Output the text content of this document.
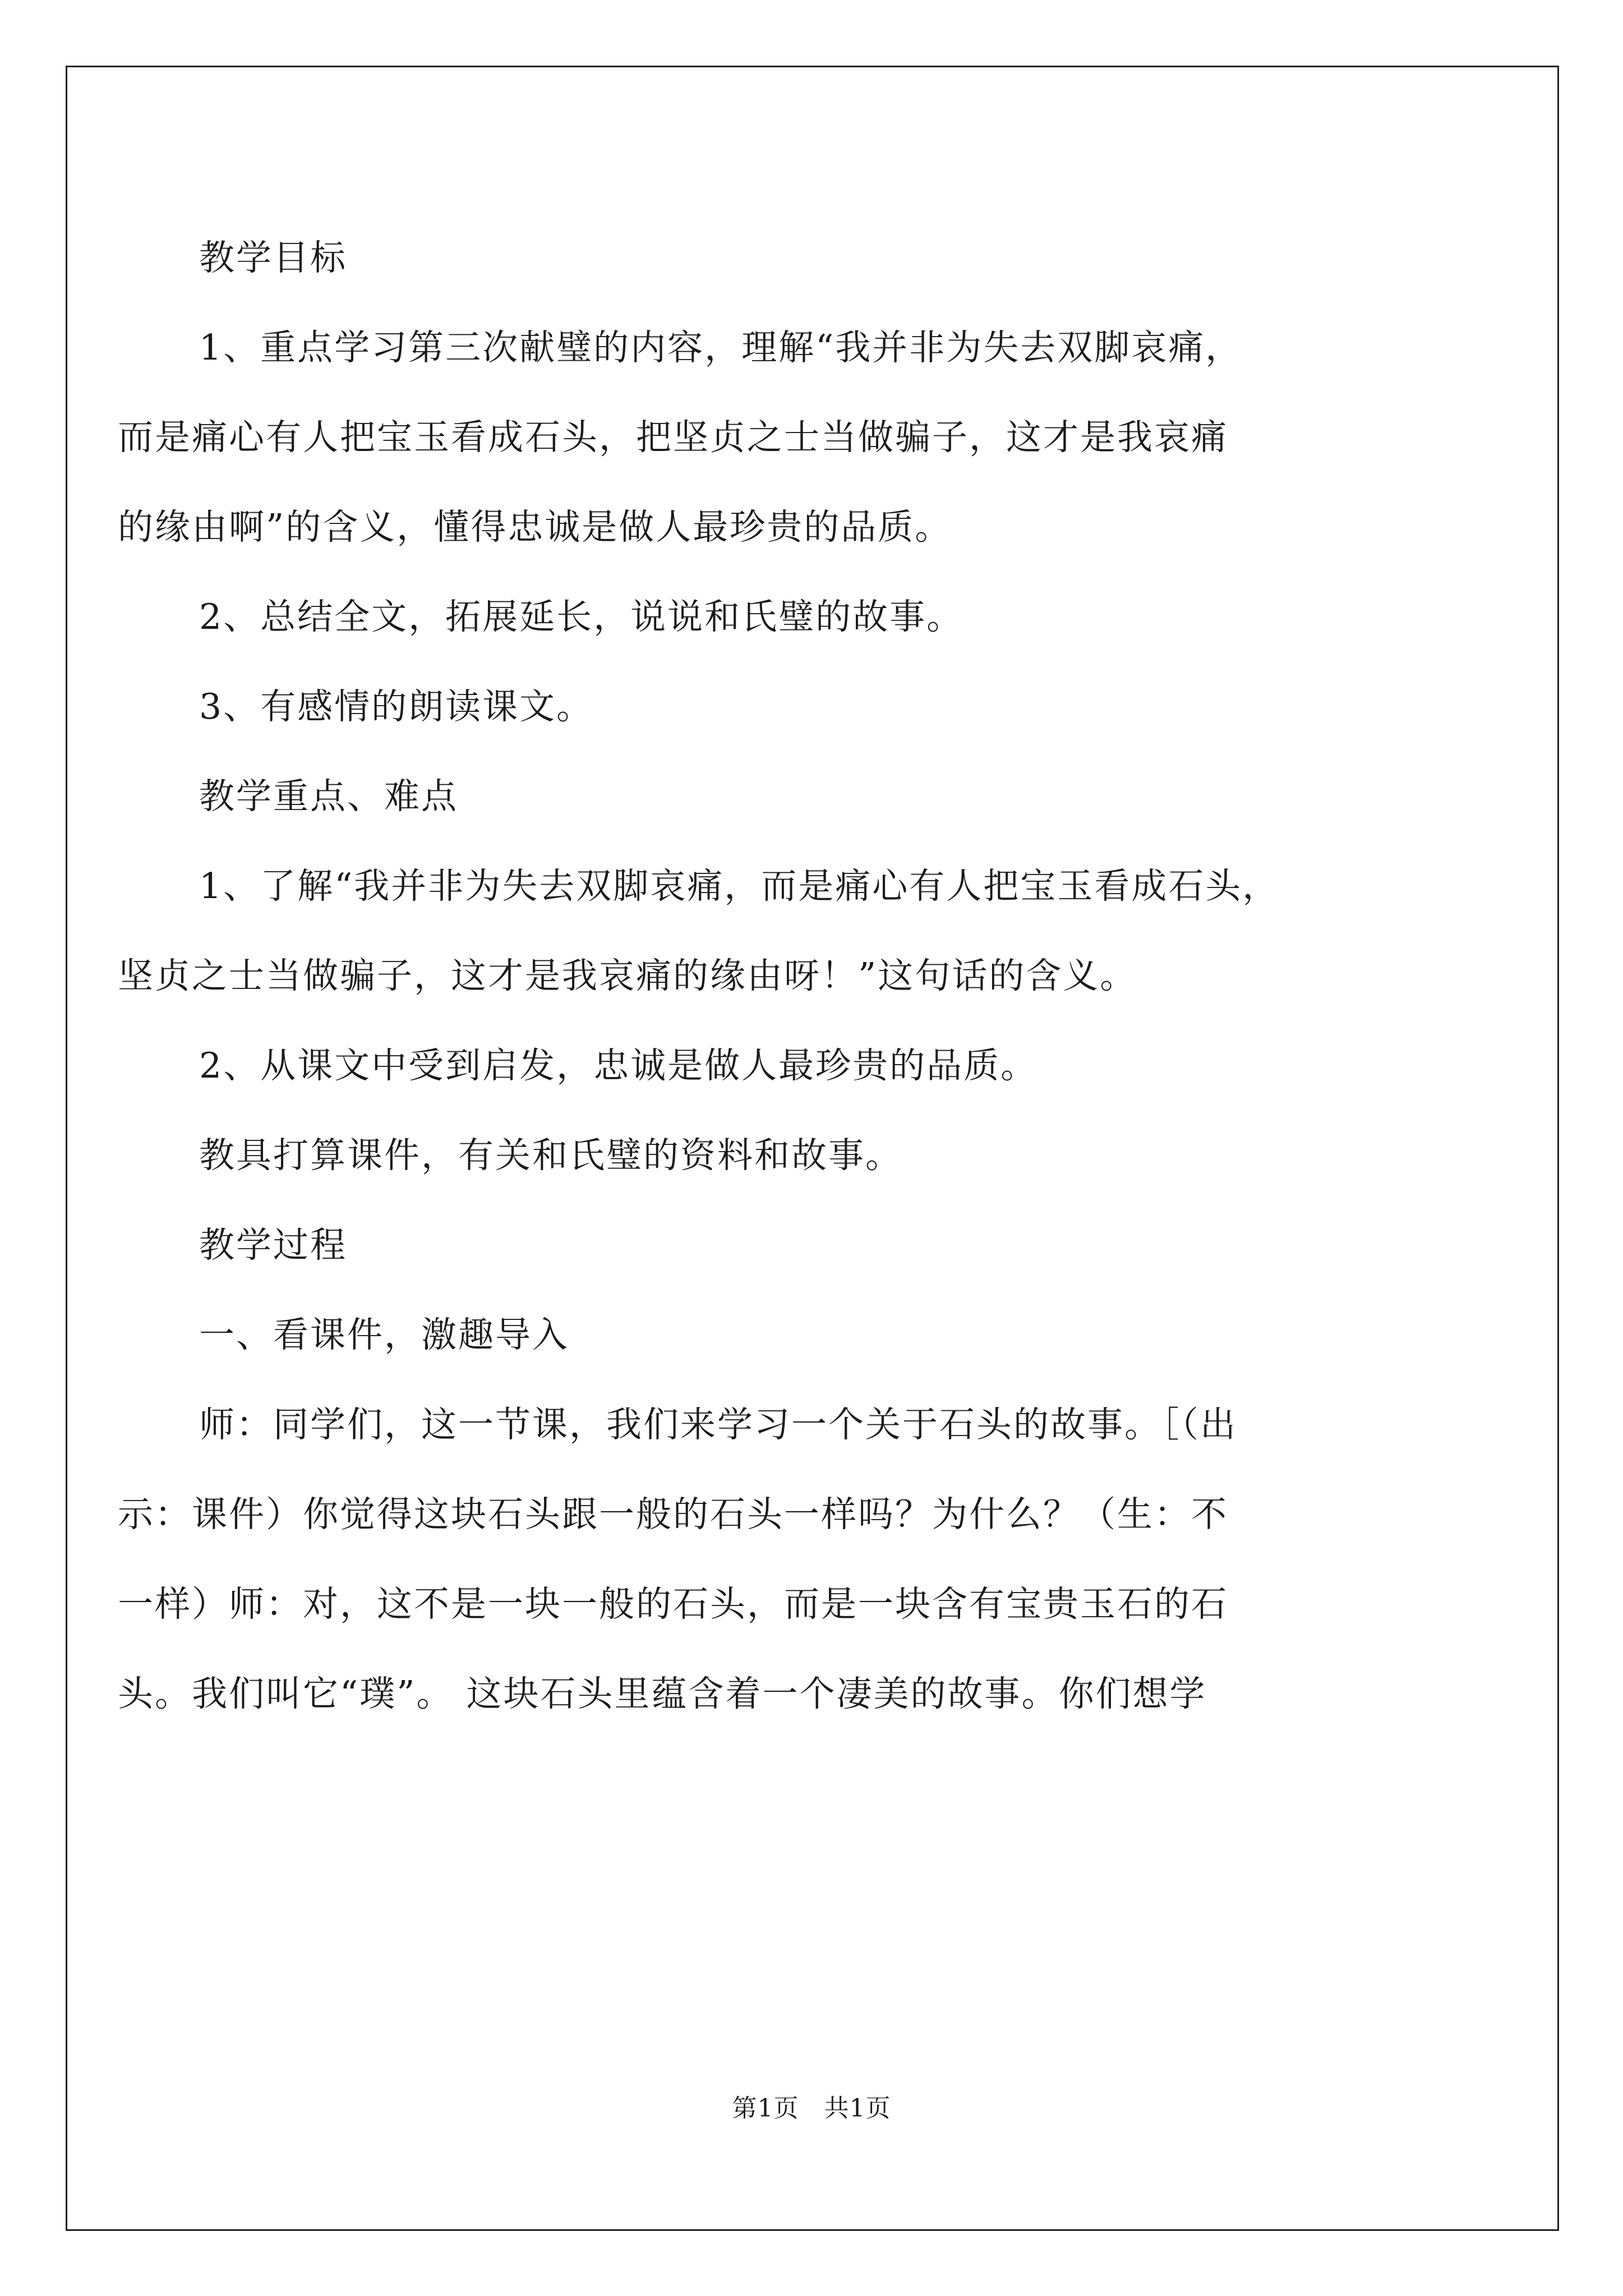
教学目标
1、重点学习第三次献璧的内容，理解“我并非为失去双脚哀痛，
而是痛心有人把宝玉看成石头，把坚贞之士当做骗子，这才是我哀痛
的缘由啊”的含义，懂得忠诚是做人最珍贵的品质。
2、总结全文，拓展延长，说说和氏璧的故事。
3、有感情的朗读课文。
教学重点、难点
1、了解“我并非为失去双脚哀痛，而是痛心有人把宝玉看成石头，
坚贞之士当做骗子，这才是我哀痛的缘由呀！”这句话的含义。
2、从课文中受到启发，忠诚是做人最珍贵的品质。
教具打算课件，有关和氏璧的资料和故事。
教学过程
一、看课件，激趣导入
师：同学们，这一节课，我们来学习一个关于石头的故事。［（出
示：课件）你觉得这块石头跟一般的石头一样吗？为什么？（生：不
一样）师：对，这不是一块一般的石头，而是一块含有宝贵玉石的石
头。我们叫它“璞”。 这块石头里蕴含着一个凄美的故事。你们想学
第1页　共1页
